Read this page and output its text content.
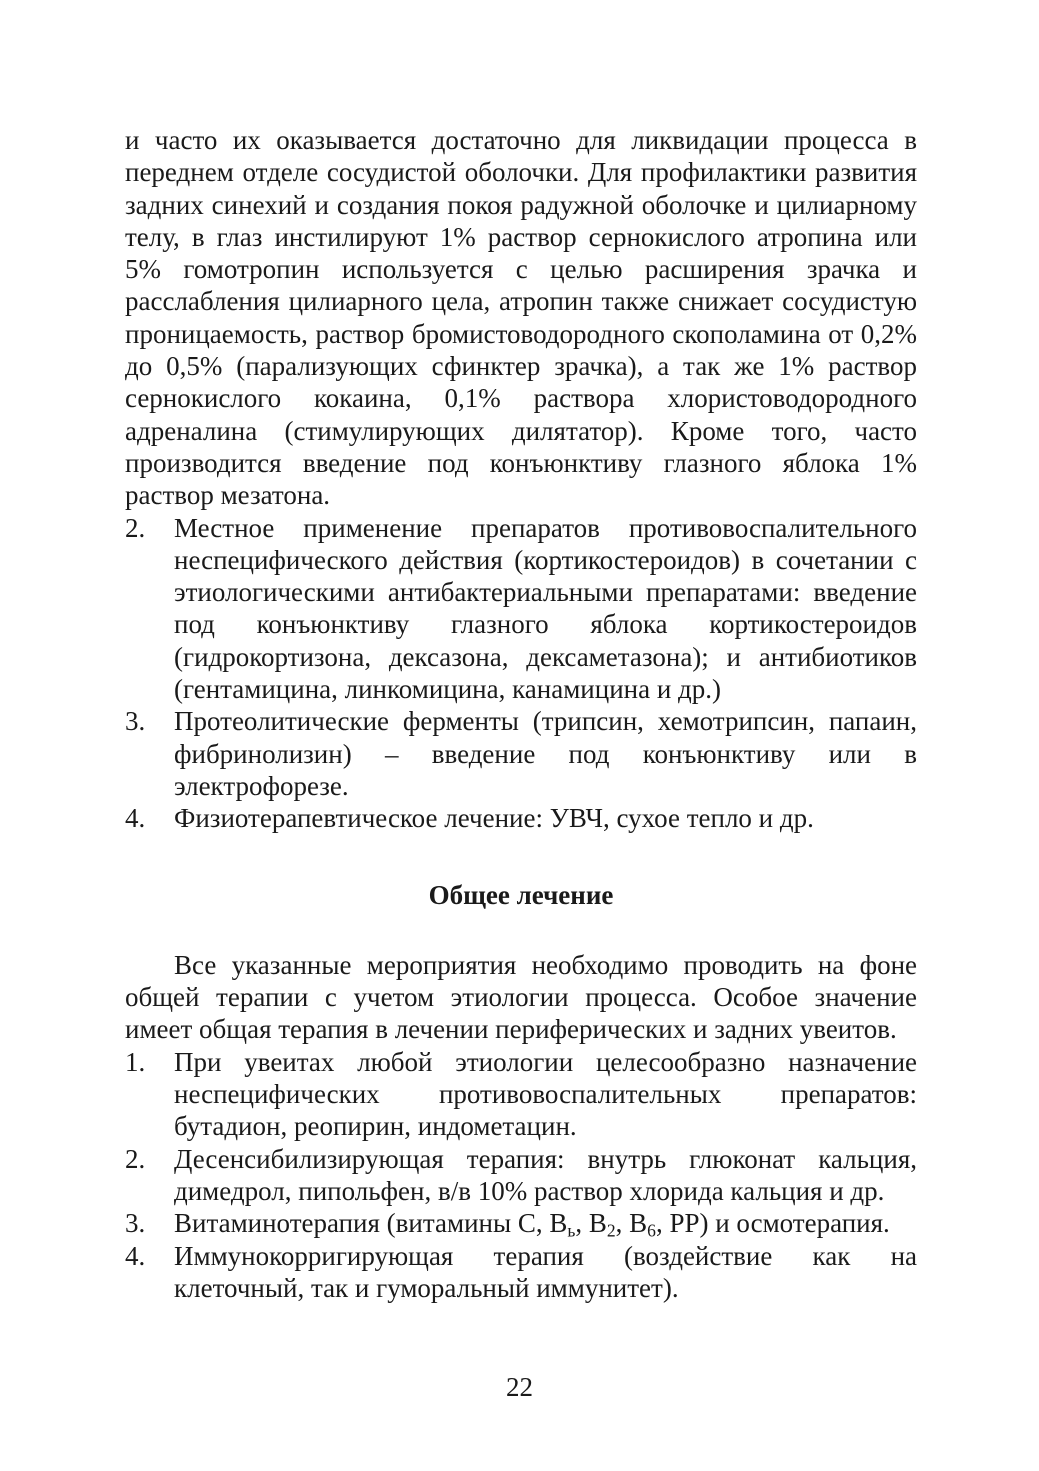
и часто их оказывается достаточно для ликвидации процесса в переднем отделе сосудистой оболочки. Для профилактики развития задних синехий и создания покоя радужной оболочке и цилиарному телу, в глаз инстилируют 1% раствор сернокислого атропина или 5% гомотропин используется с целью расширения зрачка и расслабления цилиарного цела, атропин также снижает сосудистую проницаемость, раствор бромистоводородного скополамина от 0,2% до 0,5% (парализующих сфинктер зрачка), а так же 1% раствор сернокислого кокаина, 0,1% раствора хлористоводородного адреналина (стимулирующих дилятатор). Кроме того, часто производится введение под конъюнктиву глазного яблока 1% раствор мезатона.

2. Местное применение препаратов противовоспалительного неспецифического действия (кортикостероидов) в сочетании с этиологическими антибактериальными препаратами: введение под конъюнктиву глазного яблока кортикостероидов (гидрокортизона, дексазона, дексаметазона); и антибиотиков (гентамицина, линкомицина, канамицина и др.)
3. Протеолитические ферменты (трипсин, хемотрипсин, папаин, фибринолизин) – введение под конъюнктиву или в электрофорезе.
4. Физиотерапевтическое лечение: УВЧ, сухое тепло и др.
Общее лечение

Все указанные мероприятия необходимо проводить на фоне общей терапии с учетом этиологии процесса. Особое значение имеет общая терапия в лечении периферических и задних увеитов.

1. При увеитах любой этиологии целесообразно назначение неспецифических противовоспалительных препаратов: бутадион, реопирин, индометацин.
2. Десенсибилизирующая терапия: внутрь глюконат кальция, димедрол, пипольфен, в/в 10% раствор хлорида кальция и др.
3. Витаминотерапия (витамины С, $В_ь$, $В_2$, $В_6$, РР) и осмотерапия.
4. Иммунокорригирующая терапия (воздействие как на клеточный, так и гуморальный иммунитет).
22
